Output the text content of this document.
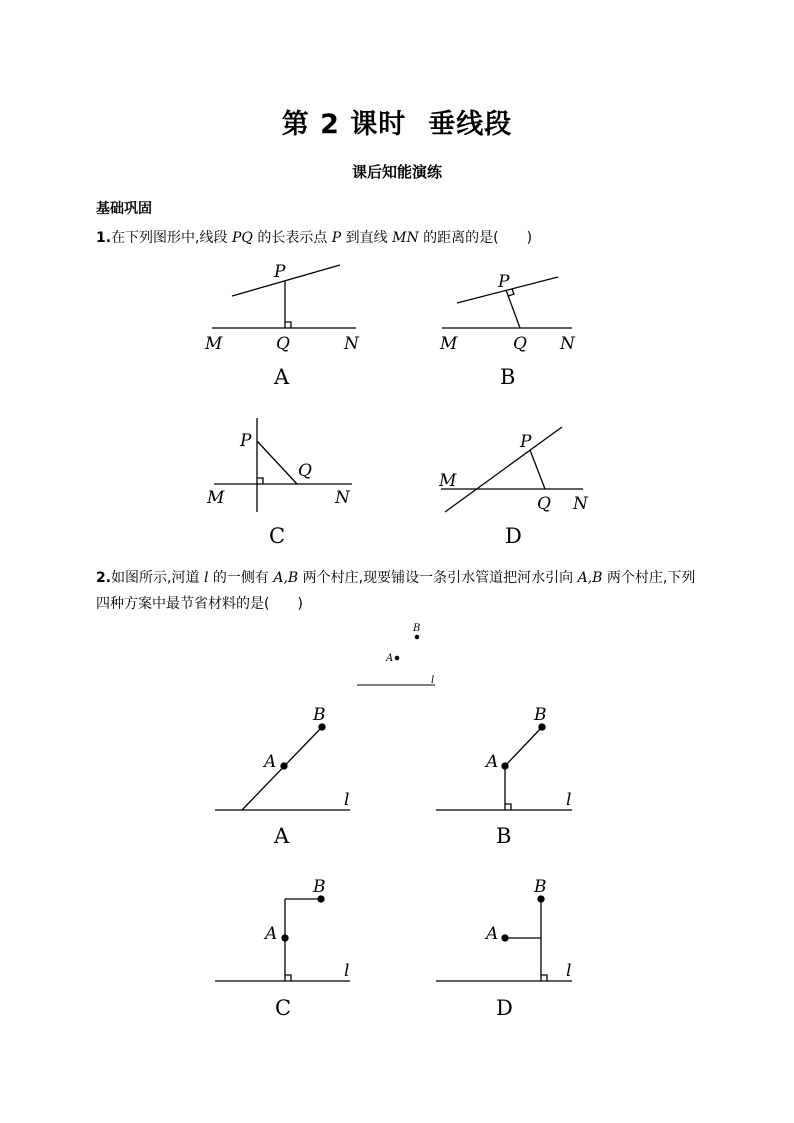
第 2 课时 垂线段
课后知能演练
基础巩固
1.在下列图形中,线段 PQ 的长表示点 P 到直线 MN 的距离的是(　　)
2.如图所示,河道 l 的一侧有 A,B 两个村庄,现要铺设一条引水管道把河水引向 A,B 两个村庄,下列四种方案中最节省材料的是(　　)
P
M	Q	N
A
P
M	Q N
B
P
M
Q
N
C
P
M
Q N
D
B
A
l
A
B
l
A
A
B
l
B
A
B
l
C
A
B
l
D
